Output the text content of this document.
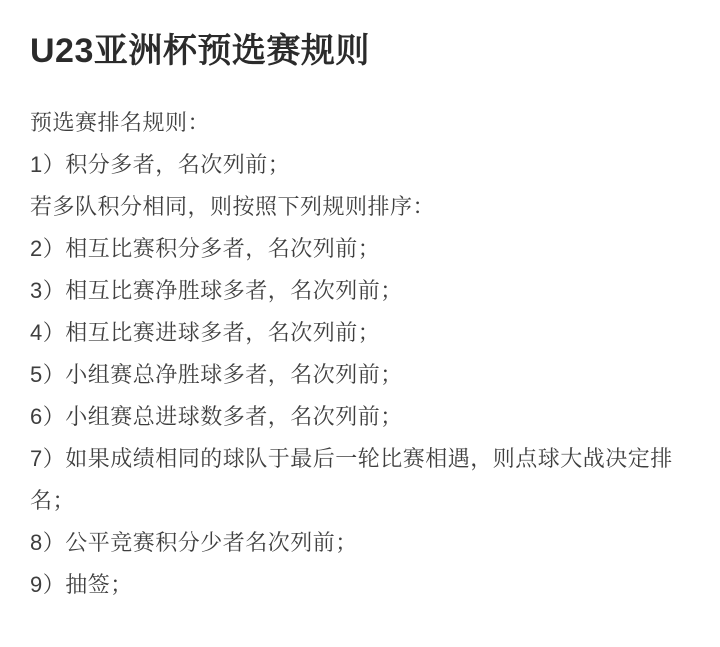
U23亚洲杯预选赛规则
预选赛排名规则：
1）积分多者，名次列前；
若多队积分相同，则按照下列规则排序：
2）相互比赛积分多者，名次列前；
3）相互比赛净胜球多者，名次列前；
4）相互比赛进球多者，名次列前；
5）小组赛总净胜球多者，名次列前；
6）小组赛总进球数多者，名次列前；
7）如果成绩相同的球队于最后一轮比赛相遇，则点球大战决定排
名；
8）公平竞赛积分少者名次列前；
9）抽签；
